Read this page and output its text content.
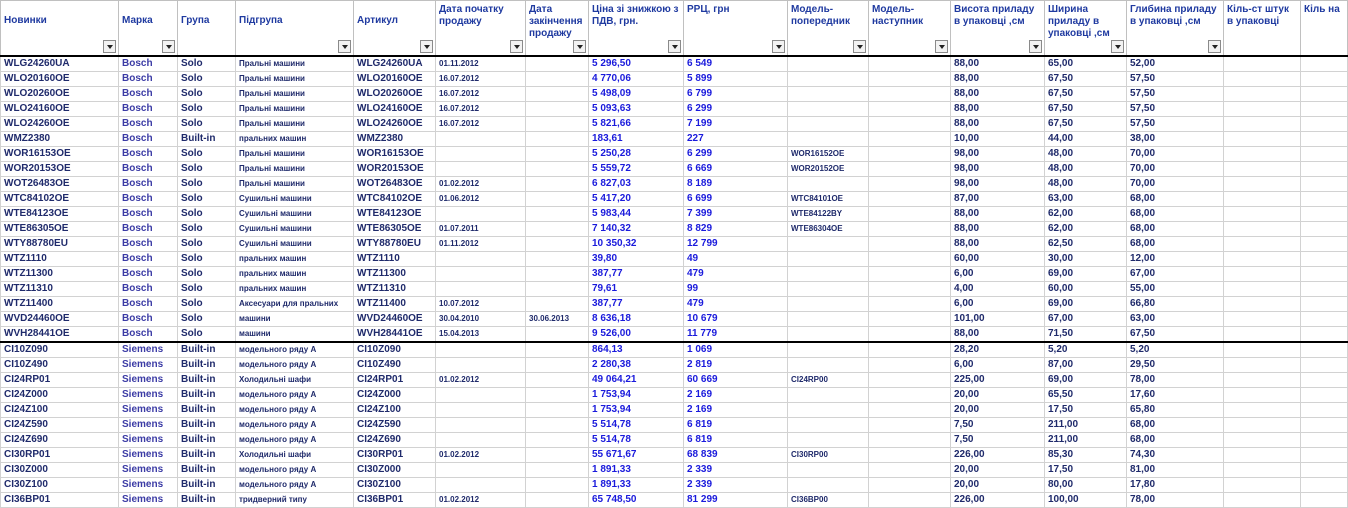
Новинки	Марка	Група	Підгрупа	Артикул	Дата початку продажу	Дата закінчення продажу	Ціна зі знижкою з ПДВ, грн.	РРЦ, грн	Модель-попередник	Модель-наступник	Висота приладу в упаковці ,см	Ширина приладу в упаковці ,см	Глибина приладу в упаковці ,см	Кіль-ст штук в упаковці	Кіль на

WLG24260UA	Bosch	Solo	Пральні машини	WLG24260UA	01.11.2012		5 296,50	6 549			88,00	65,00	52,00		
WLO20160OE	Bosch	Solo	Пральні машини	WLO20160OE	16.07.2012		4 770,06	5 899			88,00	67,50	57,50		
WLO20260OE	Bosch	Solo	Пральні машини	WLO20260OE	16.07.2012		5 498,09	6 799			88,00	67,50	57,50		
WLO24160OE	Bosch	Solo	Пральні машини	WLO24160OE	16.07.2012		5 093,63	6 299			88,00	67,50	57,50		
WLO24260OE	Bosch	Solo	Пральні машини	WLO24260OE	16.07.2012		5 821,66	7 199			88,00	67,50	57,50		
WMZ2380	Bosch	Built-in	пральних машин	WMZ2380			183,61	227			10,00	44,00	38,00		
WOR16153OE	Bosch	Solo	Пральні машини	WOR16153OE			5 250,28	6 299	WOR16152OE		98,00	48,00	70,00		
WOR20153OE	Bosch	Solo	Пральні машини	WOR20153OE			5 559,72	6 669	WOR20152OE		98,00	48,00	70,00		
WOT26483OE	Bosch	Solo	Пральні машини	WOT26483OE	01.02.2012		6 827,03	8 189			98,00	48,00	70,00		
WTC84102OE	Bosch	Solo	Сушильні машини	WTC84102OE	01.06.2012		5 417,20	6 699	WTC84101OE		87,00	63,00	68,00		
WTE84123OE	Bosch	Solo	Сушильні машини	WTE84123OE			5 983,44	7 399	WTE84122BY		88,00	62,00	68,00		
WTE86305OE	Bosch	Solo	Сушильні машини	WTE86305OE	01.07.2011		7 140,32	8 829	WTE86304OE		88,00	62,00	68,00		
WTY88780EU	Bosch	Solo	Сушильні машини	WTY88780EU	01.11.2012		10 350,32	12 799			88,00	62,50	68,00		
WTZ1110	Bosch	Solo	пральних машин	WTZ1110			39,80	49			60,00	30,00	12,00		
WTZ11300	Bosch	Solo	пральних машин	WTZ11300			387,77	479			6,00	69,00	67,00		
WTZ11310	Bosch	Solo	пральних машин	WTZ11310			79,61	99			4,00	60,00	55,00		
WTZ11400	Bosch	Solo	Аксесуари для пральних	WTZ11400	10.07.2012		387,77	479			6,00	69,00	66,80		
WVD24460OE	Bosch	Solo	машини	WVD24460OE	30.04.2010	30.06.2013	8 636,18	10 679			101,00	67,00	63,00		
WVH28441OE	Bosch	Solo	машини	WVH28441OE	15.04.2013		9 526,00	11 779			88,00	71,50	67,50		
CI10Z090	Siemens	Built-in	модельного ряду A	CI10Z090			864,13	1 069			28,20	5,20	5,20		
CI10Z490	Siemens	Built-in	модельного ряду A	CI10Z490			2 280,38	2 819			6,00	87,00	29,50		
CI24RP01	Siemens	Built-in	Холодильні шафи	CI24RP01	01.02.2012		49 064,21	60 669	CI24RP00		225,00	69,00	78,00		
CI24Z000	Siemens	Built-in	модельного ряду A	CI24Z000			1 753,94	2 169			20,00	65,50	17,60		
CI24Z100	Siemens	Built-in	модельного ряду A	CI24Z100			1 753,94	2 169			20,00	17,50	65,80		
CI24Z590	Siemens	Built-in	модельного ряду A	CI24Z590			5 514,78	6 819			7,50	211,00	68,00		
CI24Z690	Siemens	Built-in	модельного ряду A	CI24Z690			5 514,78	6 819			7,50	211,00	68,00		
CI30RP01	Siemens	Built-in	Холодильні шафи	CI30RP01	01.02.2012		55 671,67	68 839	CI30RP00		226,00	85,30	74,30		
CI30Z000	Siemens	Built-in	модельного ряду A	CI30Z000			1 891,33	2 339			20,00	17,50	81,00		
CI30Z100	Siemens	Built-in	модельного ряду A	CI30Z100			1 891,33	2 339			20,00	80,00	17,80		
CI36BP01	Siemens	Built-in	тридверний типу	CI36BP01	01.02.2012		65 748,50	81 299	CI36BP00		226,00	100,00	78,00		
